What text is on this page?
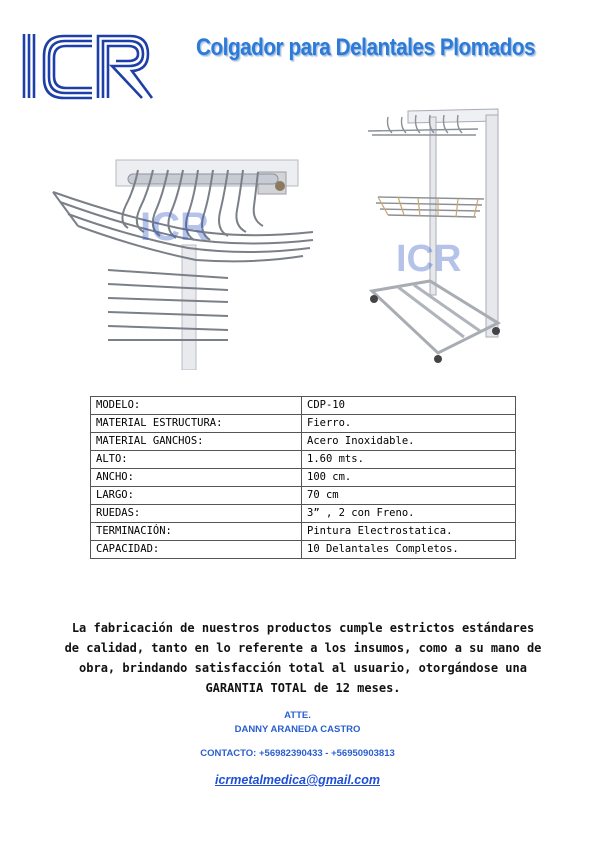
Colgador para Delantales Plomados
ICR
ICR
MODELO:	CDP-10
MATERIAL ESTRUCTURA:	Fierro.
MATERIAL GANCHOS:	Acero Inoxidable.
ALTO:	1.60 mts.
ANCHO:	100 cm.
LARGO:	70 cm
RUEDAS:	3” , 2 con Freno.
TERMINACIÓN:	Pintura Electrostatica.
CAPACIDAD:	10 Delantales Completos.
La fabricación de nuestros productos cumple estrictos estándares de calidad, tanto en lo referente a los insumos, como a su mano de obra, brindando satisfacción total al usuario, otorgándose una GARANTIA TOTAL de 12 meses.
ATTE.
DANNY ARANEDA CASTRO
CONTACTO: +56982390433 - +56950903813
icrmetalmedica@gmail.com
